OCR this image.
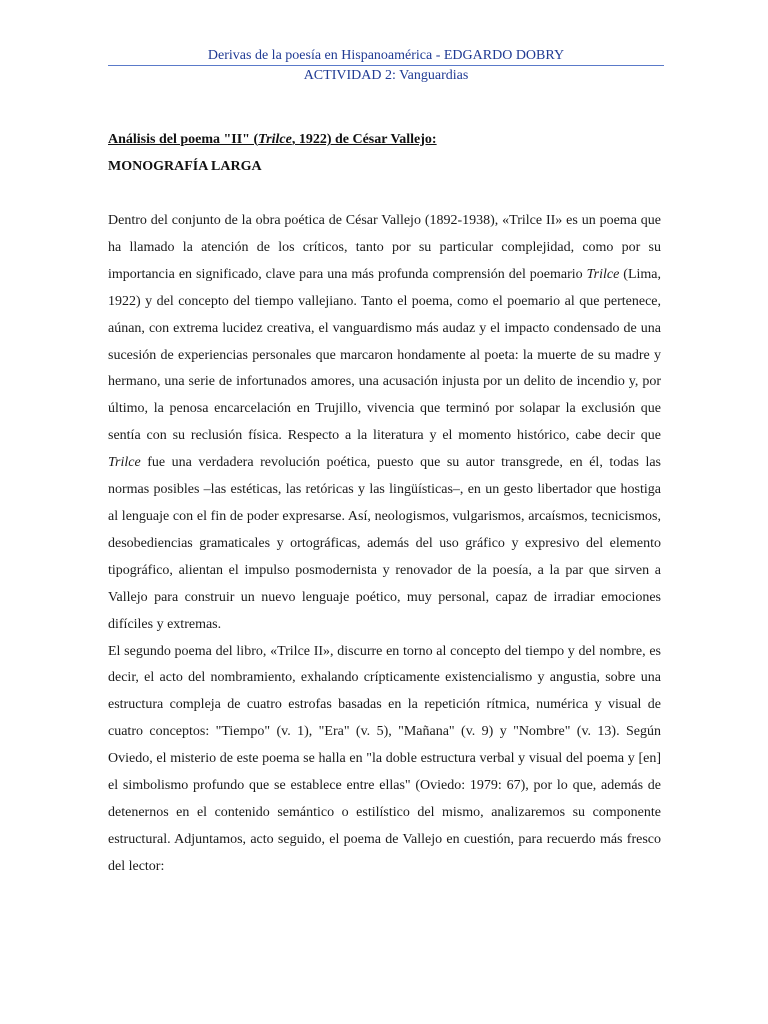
Derivas de la poesía en Hispanoamérica - EDGARDO DOBRY
ACTIVIDAD 2: Vanguardias
Análisis del poema "II" (Trilce, 1922) de César Vallejo:
MONOGRAFÍA LARGA

Dentro del conjunto de la obra poética de César Vallejo (1892-1938), «Trilce II» es un poema que ha llamado la atención de los críticos, tanto por su particular complejidad, como por su importancia en significado, clave para una más profunda comprensión del poemario Trilce (Lima, 1922) y del concepto del tiempo vallejiano. Tanto el poema, como el poemario al que pertenece, aúnan, con extrema lucidez creativa, el vanguardismo más audaz y el impacto condensado de una sucesión de experiencias personales que marcaron hondamente al poeta: la muerte de su madre y hermano, una serie de infortunados amores, una acusación injusta por un delito de incendio y, por último, la penosa encarcelación en Trujillo, vivencia que terminó por solapar la exclusión que sentía con su reclusión física. Respecto a la literatura y el momento histórico, cabe decir que Trilce fue una verdadera revolución poética, puesto que su autor transgrede, en él, todas las normas posibles –las estéticas, las retóricas y las lingüísticas–, en un gesto libertador que hostiga al lenguaje con el fin de poder expresarse. Así, neologismos, vulgarismos, arcaísmos, tecnicismos, desobediencias gramaticales y ortográficas, además del uso gráfico y expresivo del elemento tipográfico, alientan el impulso posmodernista y renovador de la poesía, a la par que sirven a Vallejo para construir un nuevo lenguaje poético, muy personal, capaz de irradiar emociones difíciles y extremas.

El segundo poema del libro, «Trilce II», discurre en torno al concepto del tiempo y del nombre, es decir, el acto del nombramiento, exhalando crípticamente existencialismo y angustia, sobre una estructura compleja de cuatro estrofas basadas en la repetición rítmica, numérica y visual de cuatro conceptos: "Tiempo" (v. 1), "Era" (v. 5), "Mañana" (v. 9) y "Nombre" (v. 13). Según Oviedo, el misterio de este poema se halla en "la doble estructura verbal y visual del poema y [en] el simbolismo profundo que se establece entre ellas" (Oviedo: 1979: 67), por lo que, además de detenernos en el contenido semántico o estilístico del mismo, analizaremos su componente estructural. Adjuntamos, acto seguido, el poema de Vallejo en cuestión, para recuerdo más fresco del lector:
